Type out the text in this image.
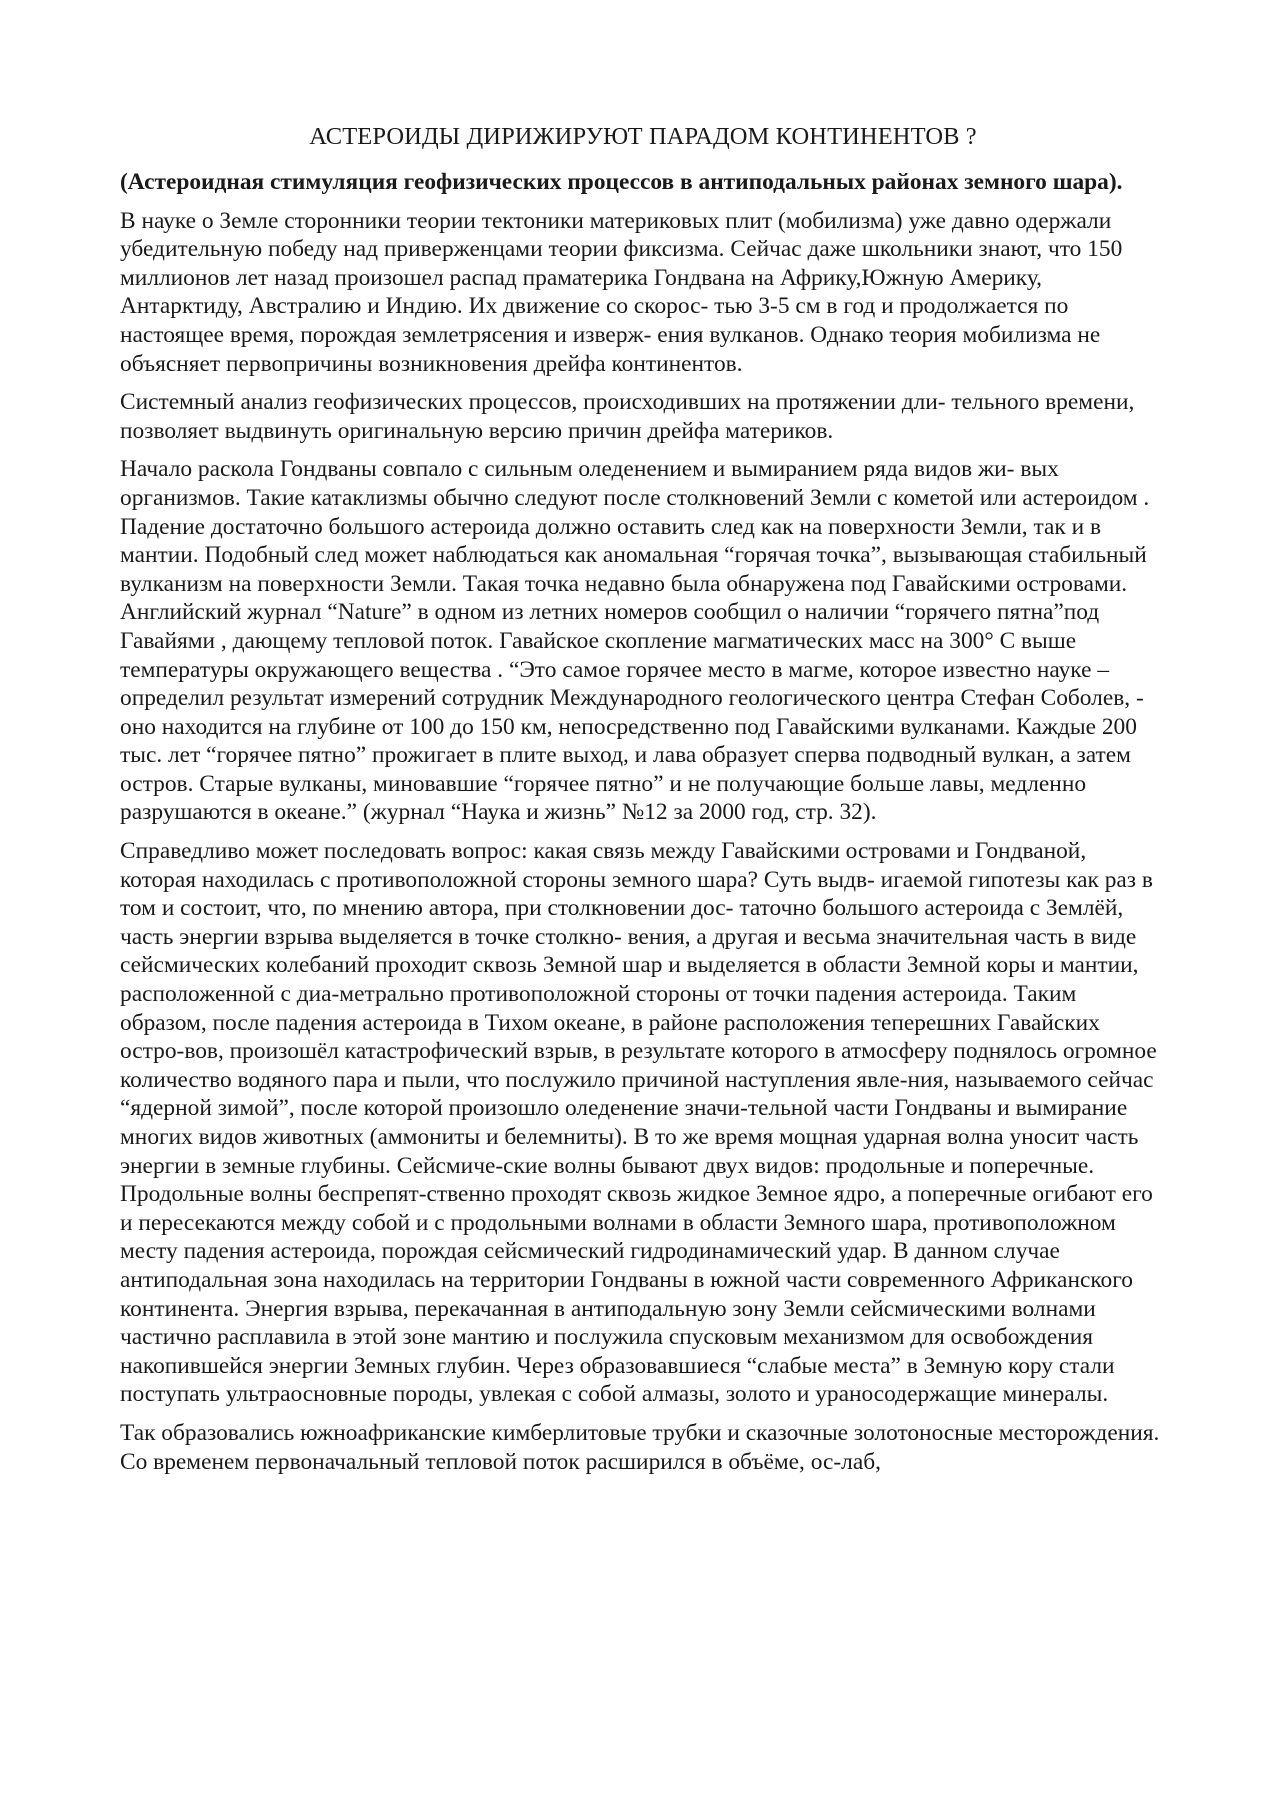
АСТЕРОИДЫ ДИРИЖИРУЮТ ПАРАДОМ КОНТИНЕНТОВ ?
(Астероидная стимуляция геофизических процессов в антиподальных районах земного шара).

В науке о Земле сторонники теории тектоники материковых плит (мобилизма) уже давно одержали убедительную победу над приверженцами теории фиксизма. Сейчас даже школьники знают, что 150 миллионов лет назад произошел распад праматерика Гондвана на Африку,Южную Америку, Антарктиду, Австралию и Индию. Их движение со скорос- тью 3-5 см в год и продолжается по настоящее время, порождая землетрясения и изверж- ения вулканов. Однако теория мобилизма не объясняет первопричины возникновения дрейфа континентов.

Системный анализ геофизических процессов, происходивших на протяжении дли- тельного времени, позволяет выдвинуть оригинальную версию причин дрейфа материков.

Начало раскола Гондваны совпало с сильным оледенением и вымиранием ряда видов жи- вых организмов. Такие катаклизмы обычно следуют после столкновений Земли с кометой или астероидом . Падение достаточно большого астероида должно оставить след как на поверхности Земли, так и в мантии. Подобный след может наблюдаться как аномальная “горячая точка”, вызывающая стабильный вулканизм на поверхности Земли. Такая точка недавно была обнаружена под Гавайскими островами. Английский журнал “Nature” в одном из летних номеров сообщил о наличии “горячего пятна”под Гавайями , дающему тепловой поток. Гавайское скопление магматических масс на 300° С выше температуры окружающего вещества . “Это самое горячее место в магме, которое известно науке – определил результат измерений сотрудник Международного геологического центра Стефан Соболев, - оно находится на глубине от 100 до 150 км, непосредственно под Гавайскими вулканами. Каждые 200 тыс. лет “горячее пятно” прожигает в плите выход, и лава образует сперва подводный вулкан, а затем остров. Старые вулканы, миновавшие “горячее пятно” и не получающие больше лавы, медленно разрушаются в океане.” (журнал “Наука и жизнь” №12 за 2000 год, стр. 32).

Справедливо может последовать вопрос: какая связь между Гавайскими островами и Гондваной, которая находилась с противоположной стороны земного шара? Суть выдв- игаемой гипотезы как раз в том и состоит, что, по мнению автора, при столкновении дос- таточно большого астероида с Землёй, часть энергии взрыва выделяется в точке столкно- вения, а другая и весьма значительная часть в виде сейсмических колебаний проходит сквозь Земной шар и выделяется в области Земной коры и мантии, расположенной с диа-метрально противоположной стороны от точки падения астероида. Таким образом, после падения астероида в Тихом океане, в районе расположения теперешних Гавайских остро-вов, произошёл катастрофический взрыв, в результате которого в атмосферу поднялось огромное количество водяного пара и пыли, что послужило причиной наступления явле-ния, называемого сейчас “ядерной зимой”, после которой произошло оледенение значи-тельной части Гондваны и вымирание многих видов животных (аммониты и белемниты). В то же время мощная ударная волна уносит часть энергии в земные глубины. Сейсмиче-ские волны бывают двух видов: продольные и поперечные. Продольные волны беспрепят-ственно проходят сквозь жидкое Земное ядро, а поперечные огибают его и пересекаются между собой и с продольными волнами в области Земного шара, противоположном месту падения астероида, порождая сейсмический гидродинамический удар. В данном случае антиподальная зона находилась на территории Гондваны в южной части современного Африканского континента. Энергия взрыва, перекачанная в антиподальную зону Земли сейсмическими волнами частично расплавила в этой зоне мантию и послужила спусковым механизмом для освобождения накопившейся энергии Земных глубин. Через образовавшиеся “слабые места” в Земную кору стали поступать ультраосновные породы, увлекая с собой алмазы, золото и ураносодержащие минералы.

Так образовались южноафриканские кимберлитовые трубки и сказочные золотоносные месторождения. Со временем первоначальный тепловой поток расширился в объёме, ос-лаб,
